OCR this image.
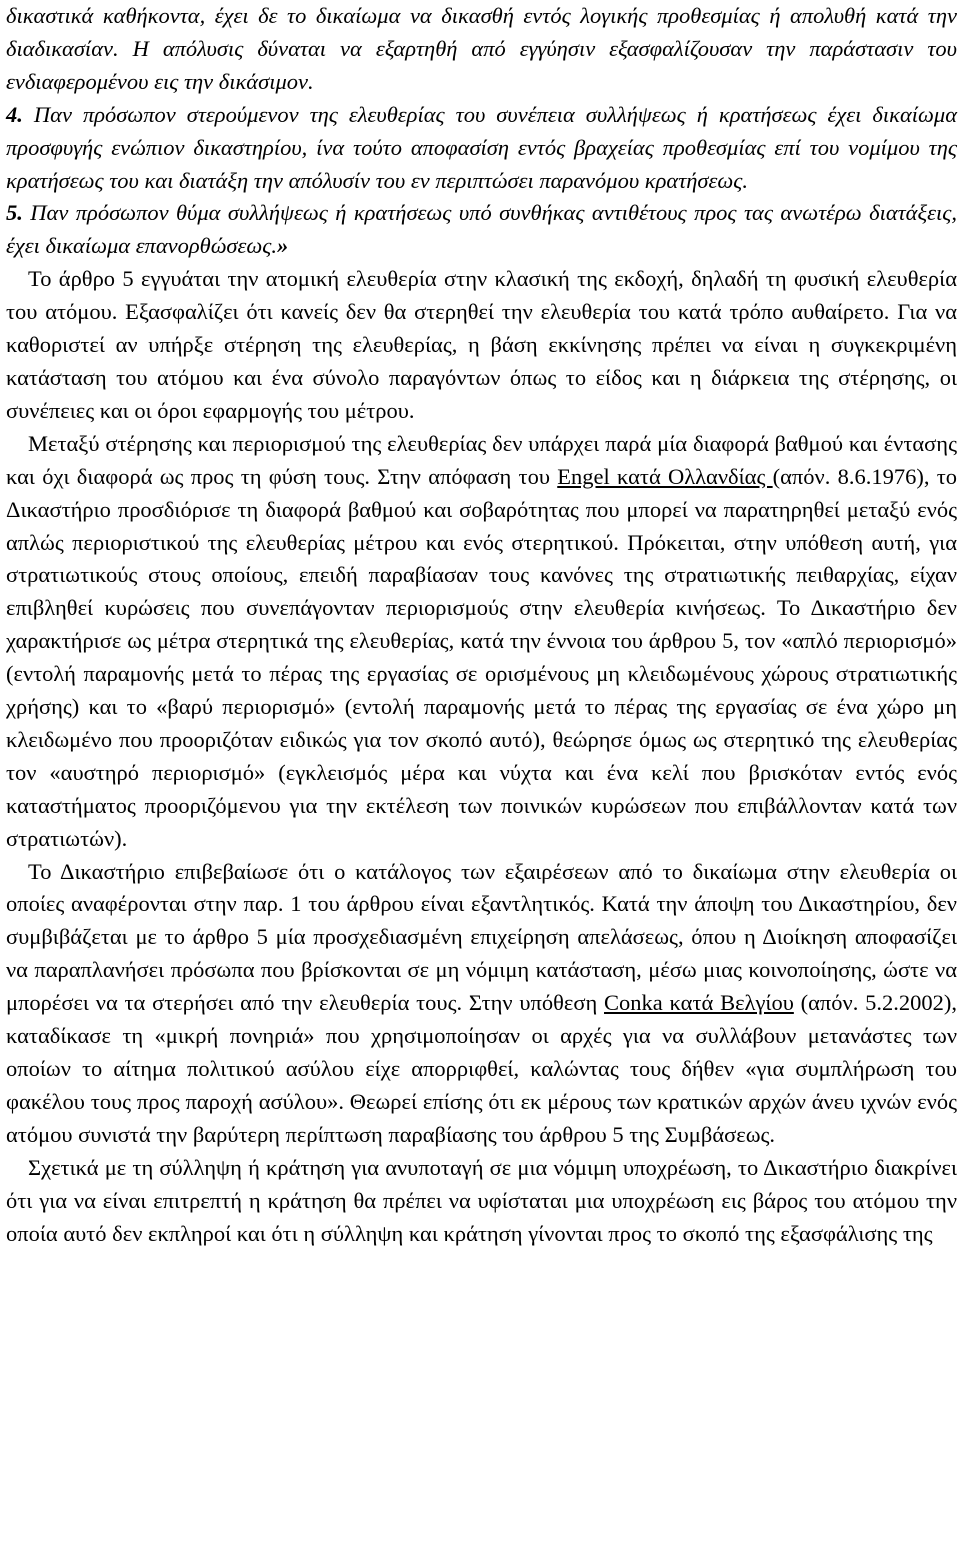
δικαστικά καθήκοντα, έχει δε το δικαίωμα να δικασθή εντός λογικής προθεσμίας ή απολυθή κατά την διαδικασίαν. Η απόλυσις δύναται να εξαρτηθή από εγγύησιν εξασφαλίζουσαν την παράστασιν του ενδιαφερομένου εις την δικάσιμον.
4. Παν πρόσωπον στερούμενον της ελευθερίας του συνέπεια συλλήψεως ή κρατήσεως έχει δικαίωμα προσφυγής ενώπιον δικαστηρίου, ίνα τούτο αποφασίση εντός βραχείας προθεσμίας επί του νομίμου της κρατήσεως του και διατάξη την απόλυσίν του εν περιπτώσει παρανόμου κρατήσεως.
5. Παν πρόσωπον θύμα συλλήψεως ή κρατήσεως υπό συνθήκας αντιθέτους προς τας ανωτέρω διατάξεις, έχει δικαίωμα επανορθώσεως.»

Το άρθρο 5 εγγυάται την ατομική ελευθερία στην κλασική της εκδοχή, δηλαδή τη φυσική ελευθερία του ατόμου. Εξασφαλίζει ότι κανείς δεν θα στερηθεί την ελευθερία του κατά τρόπο αυθαίρετο. Για να καθοριστεί αν υπήρξε στέρηση της ελευθερίας, η βάση εκκίνησης πρέπει να είναι η συγκεκριμένη κατάσταση του ατόμου και ένα σύνολο παραγόντων όπως το είδος και η διάρκεια της στέρησης, οι συνέπειες και οι όροι εφαρμογής του μέτρου.

Μεταξύ στέρησης και περιορισμού της ελευθερίας δεν υπάρχει παρά μία διαφορά βαθμού και έντασης και όχι διαφορά ως προς τη φύση τους. Στην απόφαση του Engel κατά Ολλανδίας (απόν. 8.6.1976), το Δικαστήριο προσδιόρισε τη διαφορά βαθμού και σοβαρότητας που μπορεί να παρατηρηθεί μεταξύ ενός απλώς περιοριστικού της ελευθερίας μέτρου και ενός στερητικού. Πρόκειται, στην υπόθεση αυτή, για στρατιωτικούς στους οποίους, επειδή παραβίασαν τους κανόνες της στρατιωτικής πειθαρχίας, είχαν επιβληθεί κυρώσεις που συνεπάγονταν περιορισμούς στην ελευθερία κινήσεως. Το Δικαστήριο δεν χαρακτήρισε ως μέτρα στερητικά της ελευθερίας, κατά την έννοια του άρθρου 5, τον «απλό περιορισμό» (εντολή παραμονής μετά το πέρας της εργασίας σε ορισμένους μη κλειδωμένους χώρους στρατιωτικής χρήσης) και το «βαρύ περιορισμό» (εντολή παραμονής μετά το πέρας της εργασίας σε ένα χώρο μη κλειδωμένο που προοριζόταν ειδικώς για τον σκοπό αυτό), θεώρησε όμως ως στερητικό της ελευθερίας τον «αυστηρό περιορισμό» (εγκλεισμός μέρα και νύχτα και ένα κελί που βρισκόταν εντός ενός καταστήματος προοριζόμενου για την εκτέλεση των ποινικών κυρώσεων που επιβάλλονταν κατά των στρατιωτών).

Το Δικαστήριο επιβεβαίωσε ότι ο κατάλογος των εξαιρέσεων από το δικαίωμα στην ελευθερία οι οποίες αναφέρονται στην παρ. 1 του άρθρου είναι εξαντλητικός. Κατά την άποψη του Δικαστηρίου, δεν συμβιβάζεται με το άρθρο 5 μία προσχεδιασμένη επιχείρηση απελάσεως, όπου η Διοίκηση αποφασίζει να παραπλανήσει πρόσωπα που βρίσκονται σε μη νόμιμη κατάσταση, μέσω μιας κοινοποίησης, ώστε να μπορέσει να τα στερήσει από την ελευθερία τους. Στην υπόθεση Conka κατά Βελγίου (απόν. 5.2.2002), καταδίκασε τη «μικρή πονηριά» που χρησιμοποίησαν οι αρχές για να συλλάβουν μετανάστες των οποίων το αίτημα πολιτικού ασύλου είχε απορριφθεί, καλώντας τους δήθεν «για συμπλήρωση του φακέλου τους προς παροχή ασύλου». Θεωρεί επίσης ότι εκ μέρους των κρατικών αρχών άνευ ιχνών ενός ατόμου συνιστά την βαρύτερη περίπτωση παραβίασης του άρθρου 5 της Συμβάσεως.

Σχετικά με τη σύλληψη ή κράτηση για ανυποταγή σε μια νόμιμη υποχρέωση, το Δικαστήριο διακρίνει ότι για να είναι επιτρεπτή η κράτηση θα πρέπει να υφίσταται μια υποχρέωση εις βάρος του ατόμου την οποία αυτό δεν εκπληροί και ότι η σύλληψη και κράτηση γίνονται προς το σκοπό της εξασφάλισης της
